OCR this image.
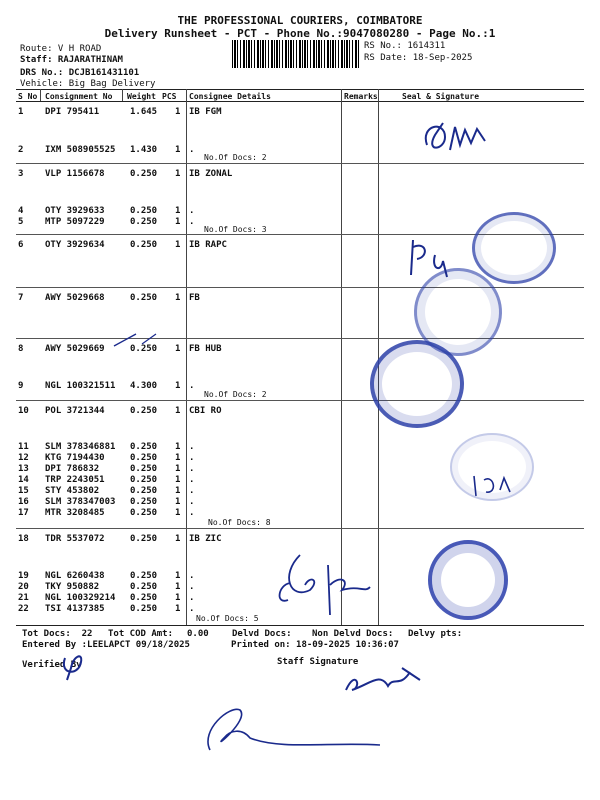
THE PROFESSIONAL COURIERS, COIMBATORE
Delivery Runsheet - PCT - Phone No.:9047080280 - Page No.:1
Route: V H ROAD
Staff: RAJARATHINAM
DRS No.: DCJB161431101
Vehicle: Big Bag Delivery
RS No.: 1614311
RS Date: 18-Sep-2025
S No Consignment No Weight PCS Consignee Details	Remarks	Seal & Signature
1 DPI 795411	1.645 1 IB FGM
2 IXM 508905525 1.430 1 .
No.Of Docs: 2
3 VLP 1156678	0.250 1 IB ZONAL
4 OTY 3929633	0.250 1 .
5 MTP 5097229	0.250 1 .
No.Of Docs: 3
6 OTY 3929634	0.250 1 IB RAPC
7 AWY 5029668	0.250 1 FB
8 AWY 5029669	0.250 1 FB HUB
9 NGL 100321511 4.300 1 .
No.Of Docs: 2
10 POL 3721344	0.250 1 CBI RO
11 SLM 378346881 0.250 1 .
12 KTG 7194430	0.250 1 .
13 DPI 786832	0.250 1 .
14 TRP 2243051	0.250 1 .
15 STY 453802	0.250 1 .
16 SLM 378347003 0.250 1 .
17 MTR 3208485	0.250 1 .
No.Of Docs: 8
18 TDR 5537072	0.250 1 IB ZIC
19 NGL 6260438	0.250 1 .
20 TKY 950882	0.250 1 .
21 NGL 100329214 0.250 1 .
22 TSI 4137385	0.250 1 .
No.Of Docs: 5
Tot Docs:  22 Tot COD Amt: 0.00	Delvd Docs: Non Delvd Docs: Delvy pts:
Entered By :LEELAPCT 09/18/2025	Printed on: 18-09-2025 10:36:07
Verified By	Staff Signature
